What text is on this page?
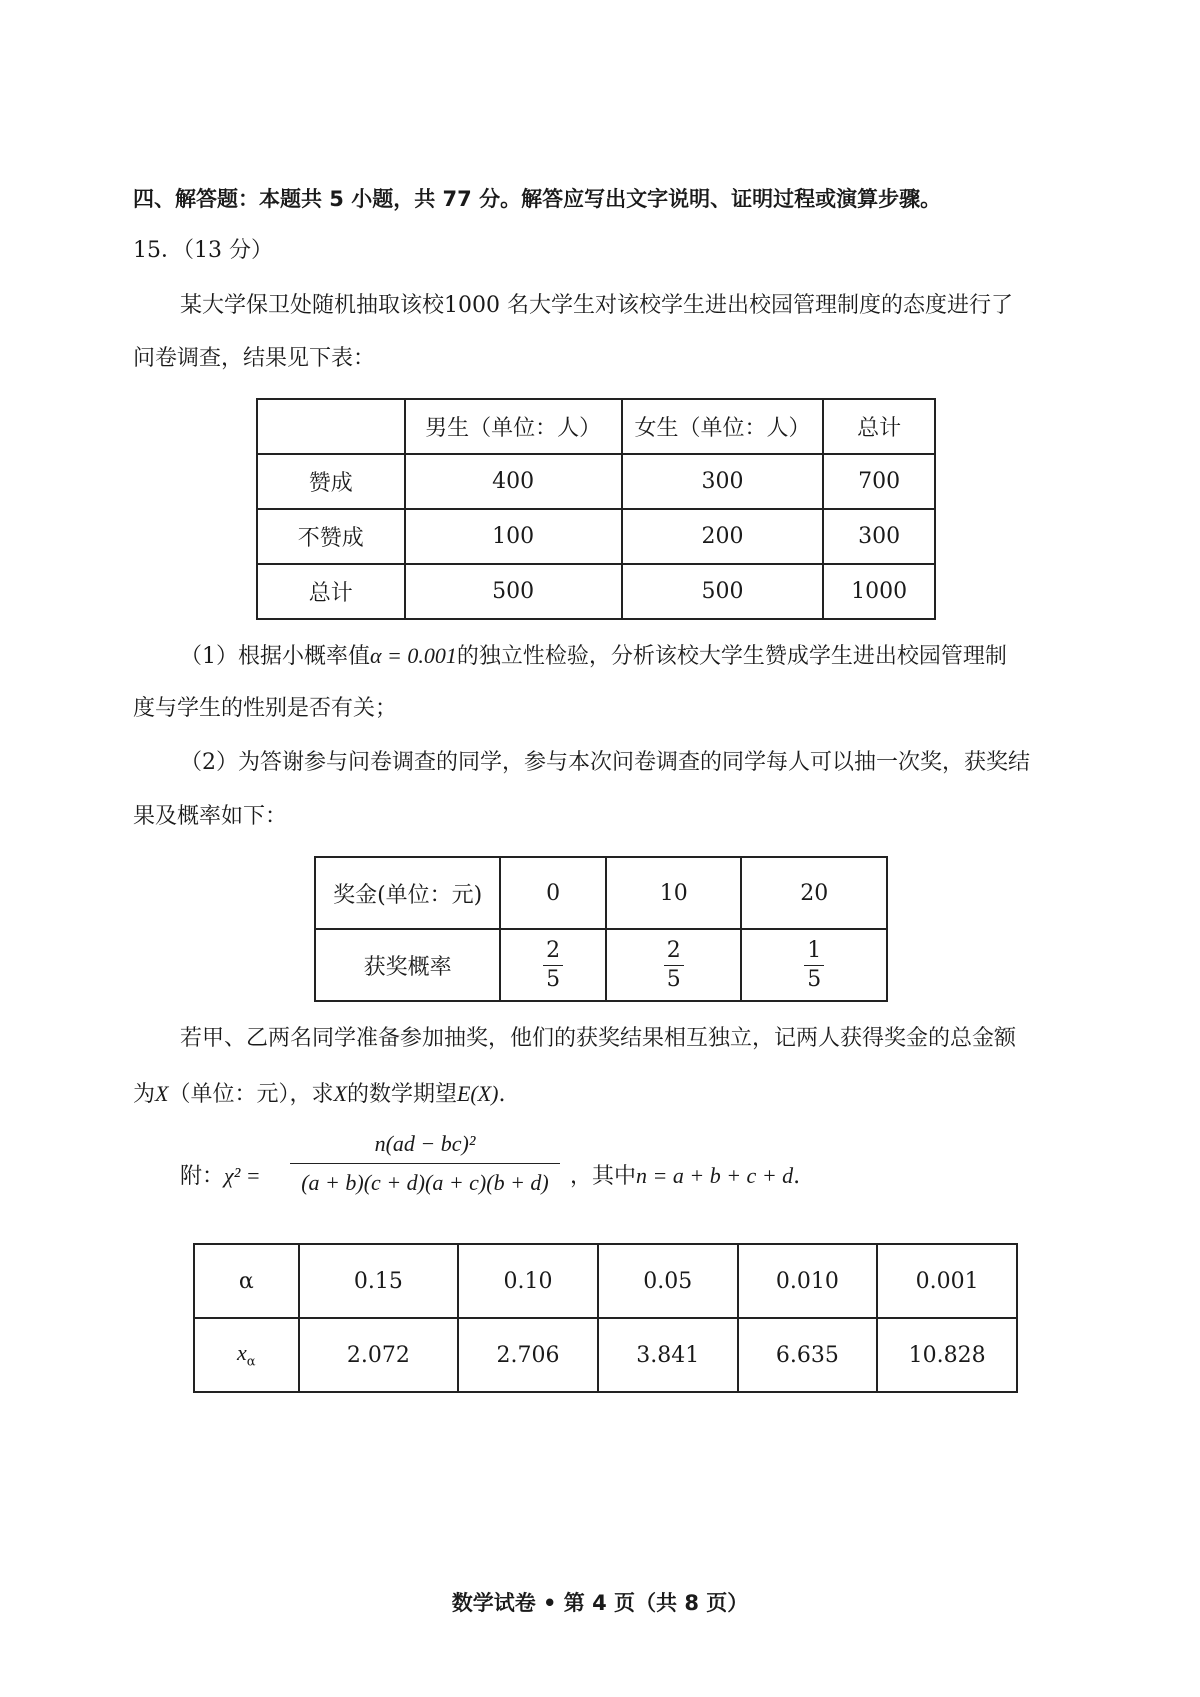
四、解答题：本题共 5 小题，共 77 分。解答应写出文字说明、证明过程或演算步骤。
15．（13 分）
某大学保卫处随机抽取该校1000 名大学生对该校学生进出校园管理制度的态度进行了
问卷调查，结果见下表：
	男生（单位：人）	女生（单位：人）	总计
赞成	400	300	700
不赞成	100	200	300
总计	500	500	1000
（1）根据小概率值α = 0.001的独立性检验，分析该校大学生赞成学生进出校园管理制
度与学生的性别是否有关；
（2）为答谢参与问卷调查的同学，参与本次问卷调查的同学每人可以抽一次奖，获奖结
果及概率如下：
奖金(单位：元)	0	10	20
获奖概率	$\frac{2}{5}$	$\frac{2}{5}$	$\frac{1}{5}$
若甲、乙两名同学准备参加抽奖，他们的获奖结果相互独立，记两人获得奖金的总金额
为X（单位：元），求X的数学期望E(X).
附：$\chi^2 = \frac{\text{n(ad − bc)²}}{(a + b)(c + d)(a + c)(b + d)}$ ，其中n = a + b + c + d.
α	0.15	0.10	0.05	0.010	0.001
$x_\alpha$	2.072	2.706	3.841	6.635	10.828
数学试卷 • 第 4 页（共 8 页）
